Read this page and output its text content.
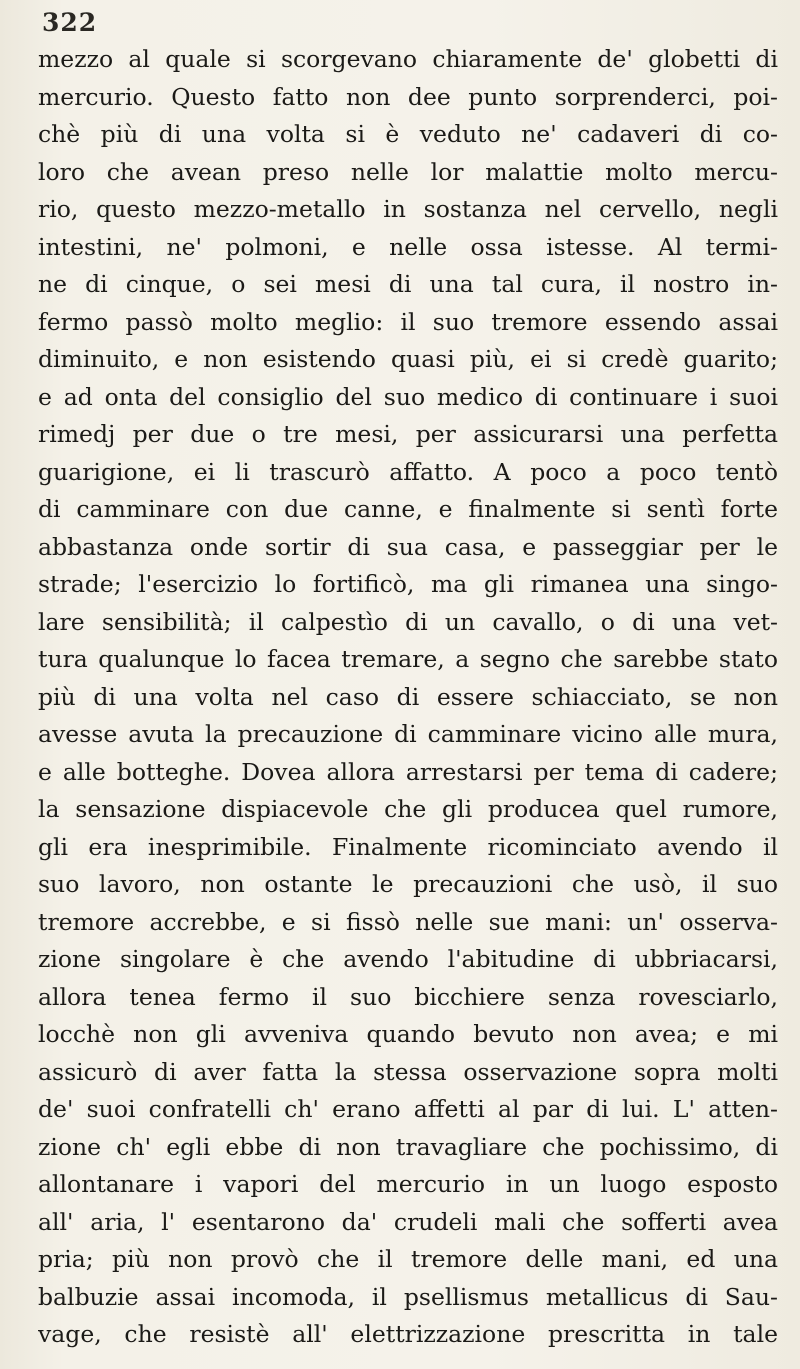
322
mezzo al quale si scorgevano chiaramente de' globetti di
mercurio. Questo fatto non dee punto sorprenderci, poi-
chè più di una volta si è veduto ne' cadaveri di co-
loro che avean preso nelle lor malattie molto mercu-
rio, questo mezzo-metallo in sostanza nel cervello, negli
intestini, ne' polmoni, e nelle ossa istesse. Al termi-
ne di cinque, o sei mesi di una tal cura, il nostro in-
fermo passò molto meglio: il suo tremore essendo assai
diminuito, e non esistendo quasi più, ei si credè guarito;
e ad onta del consiglio del suo medico di continuare i suoi
rimedj per due o tre mesi, per assicurarsi una perfetta
guarigione, ei li trascurò affatto. A poco a poco tentò
di camminare con due canne, e finalmente si sentì forte
abbastanza onde sortir di sua casa, e passeggiar per le
strade; l'esercizio lo fortificò, ma gli rimanea una singo-
lare sensibilità; il calpestìo di un cavallo, o di una vet-
tura qualunque lo facea tremare, a segno che sarebbe stato
più di una volta nel caso di essere schiacciato, se non
avesse avuta la precauzione di camminare vicino alle mura,
e alle botteghe. Dovea allora arrestarsi per tema di cadere;
la sensazione dispiacevole che gli producea quel rumore,
gli era inesprimibile. Finalmente ricominciato avendo il
suo lavoro, non ostante le precauzioni che usò, il suo
tremore accrebbe, e si fissò nelle sue mani: un' osserva-
zione singolare è che avendo l'abitudine di ubbriacarsi,
allora tenea fermo il suo bicchiere senza rovesciarlo,
locchè non gli avveniva quando bevuto non avea; e mi
assicurò di aver fatta la stessa osservazione sopra molti
de' suoi confratelli ch' erano affetti al par di lui. L' atten-
zione ch' egli ebbe di non travagliare che pochissimo, di
allontanare i vapori del mercurio in un luogo esposto
all' aria, l' esentarono da' crudeli mali che sofferti avea
pria; più non provò che il tremore delle mani, ed una
balbuzie assai incomoda, il psellismus metallicus di Sau-
vage, che resistè all' elettrizzazione prescritta in tale
